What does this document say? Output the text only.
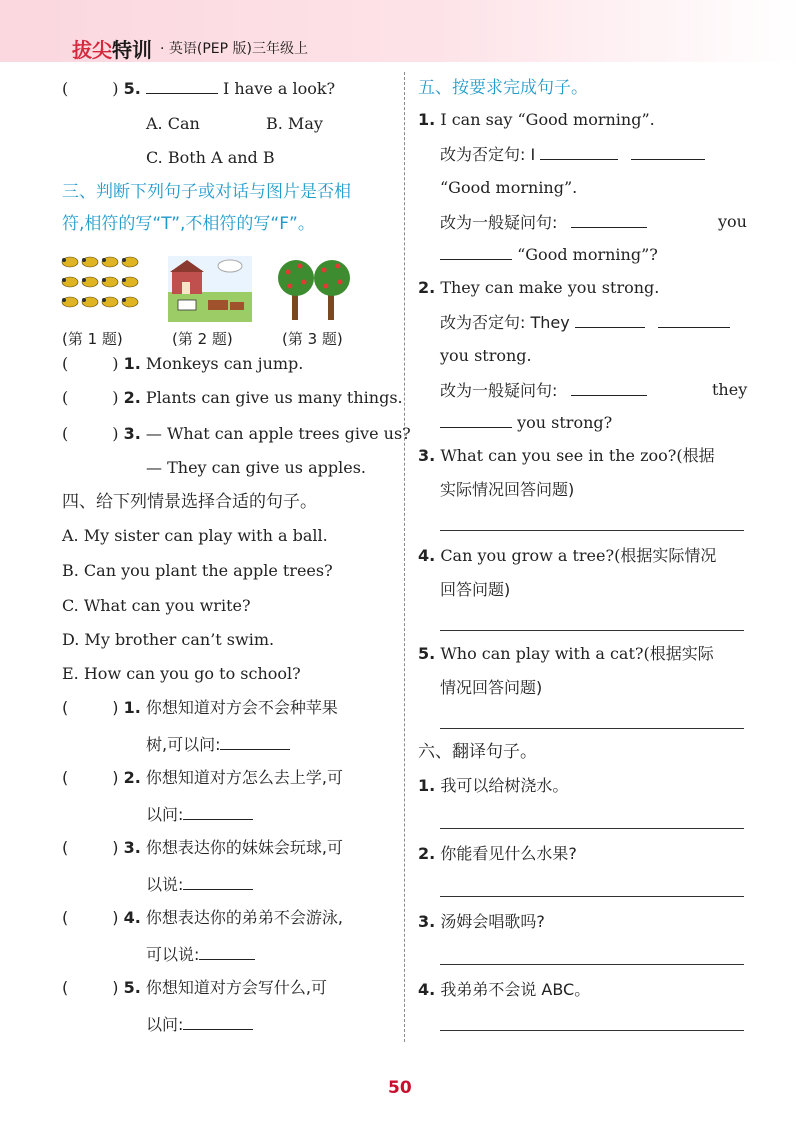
拔尖特训 · 英语(PEP 版)三年级上
(	) 5.	I have a look?
A. Can	B. May
C. Both A and B
三、判断下列句子或对话与图片是否相
符,相符的写“T”,不相符的写“F”。
(第 1 题)	(第 2 题)	(第 3 题)
(	) 1. Monkeys can jump.
(	) 2. Plants can give us many things.
(	) 3. — What can apple trees give us?
— They can give us apples.
四、给下列情景选择合适的句子。
A. My sister can play with a ball.
B. Can you plant the apple trees?
C. What can you write?
D. My brother can’t swim.
E. How can you go to school?
(	) 1. 你想知道对方会不会种苹果
树,可以问:
(	) 2. 你想知道对方怎么去上学,可
以问:
(	) 3. 你想表达你的妹妹会玩球,可
以说:
(	) 4. 你想表达你的弟弟不会游泳,
可以说:
(	) 5. 你想知道对方会写什么,可
以问:
五、按要求完成句子。
1. I can say “Good morning”.
改为否定句: I
“Good morning”.
改为一般疑问句:	you
“Good morning”?
2. They can make you strong.
改为否定句: They
you strong.
改为一般疑问句:	they
you strong?
3. What can you see in the zoo?(根据
实际情况回答问题)
4. Can you grow a tree?(根据实际情况
回答问题)
5. Who can play with a cat?(根据实际
情况回答问题)
六、翻译句子。
1. 我可以给树浇水。
2. 你能看见什么水果?
3. 汤姆会唱歌吗?
4. 我弟弟不会说 ABC。
50
